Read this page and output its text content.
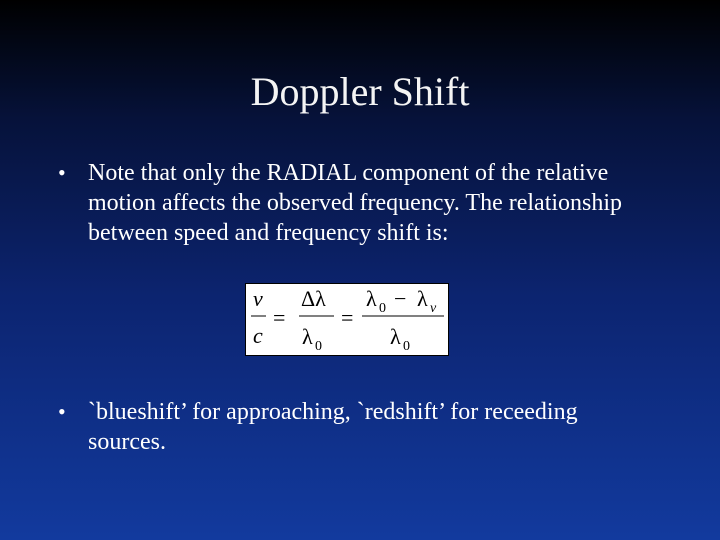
Doppler Shift
• Note that only the RADIAL component of the relative motion affects the observed frequency. The relationship between speed and frequency shift is:
v
c
=
Δλ
λ 0
=
λ 0 − λ v
λ 0
• `blueshift’ for approaching, `redshift’ for receeding sources.
